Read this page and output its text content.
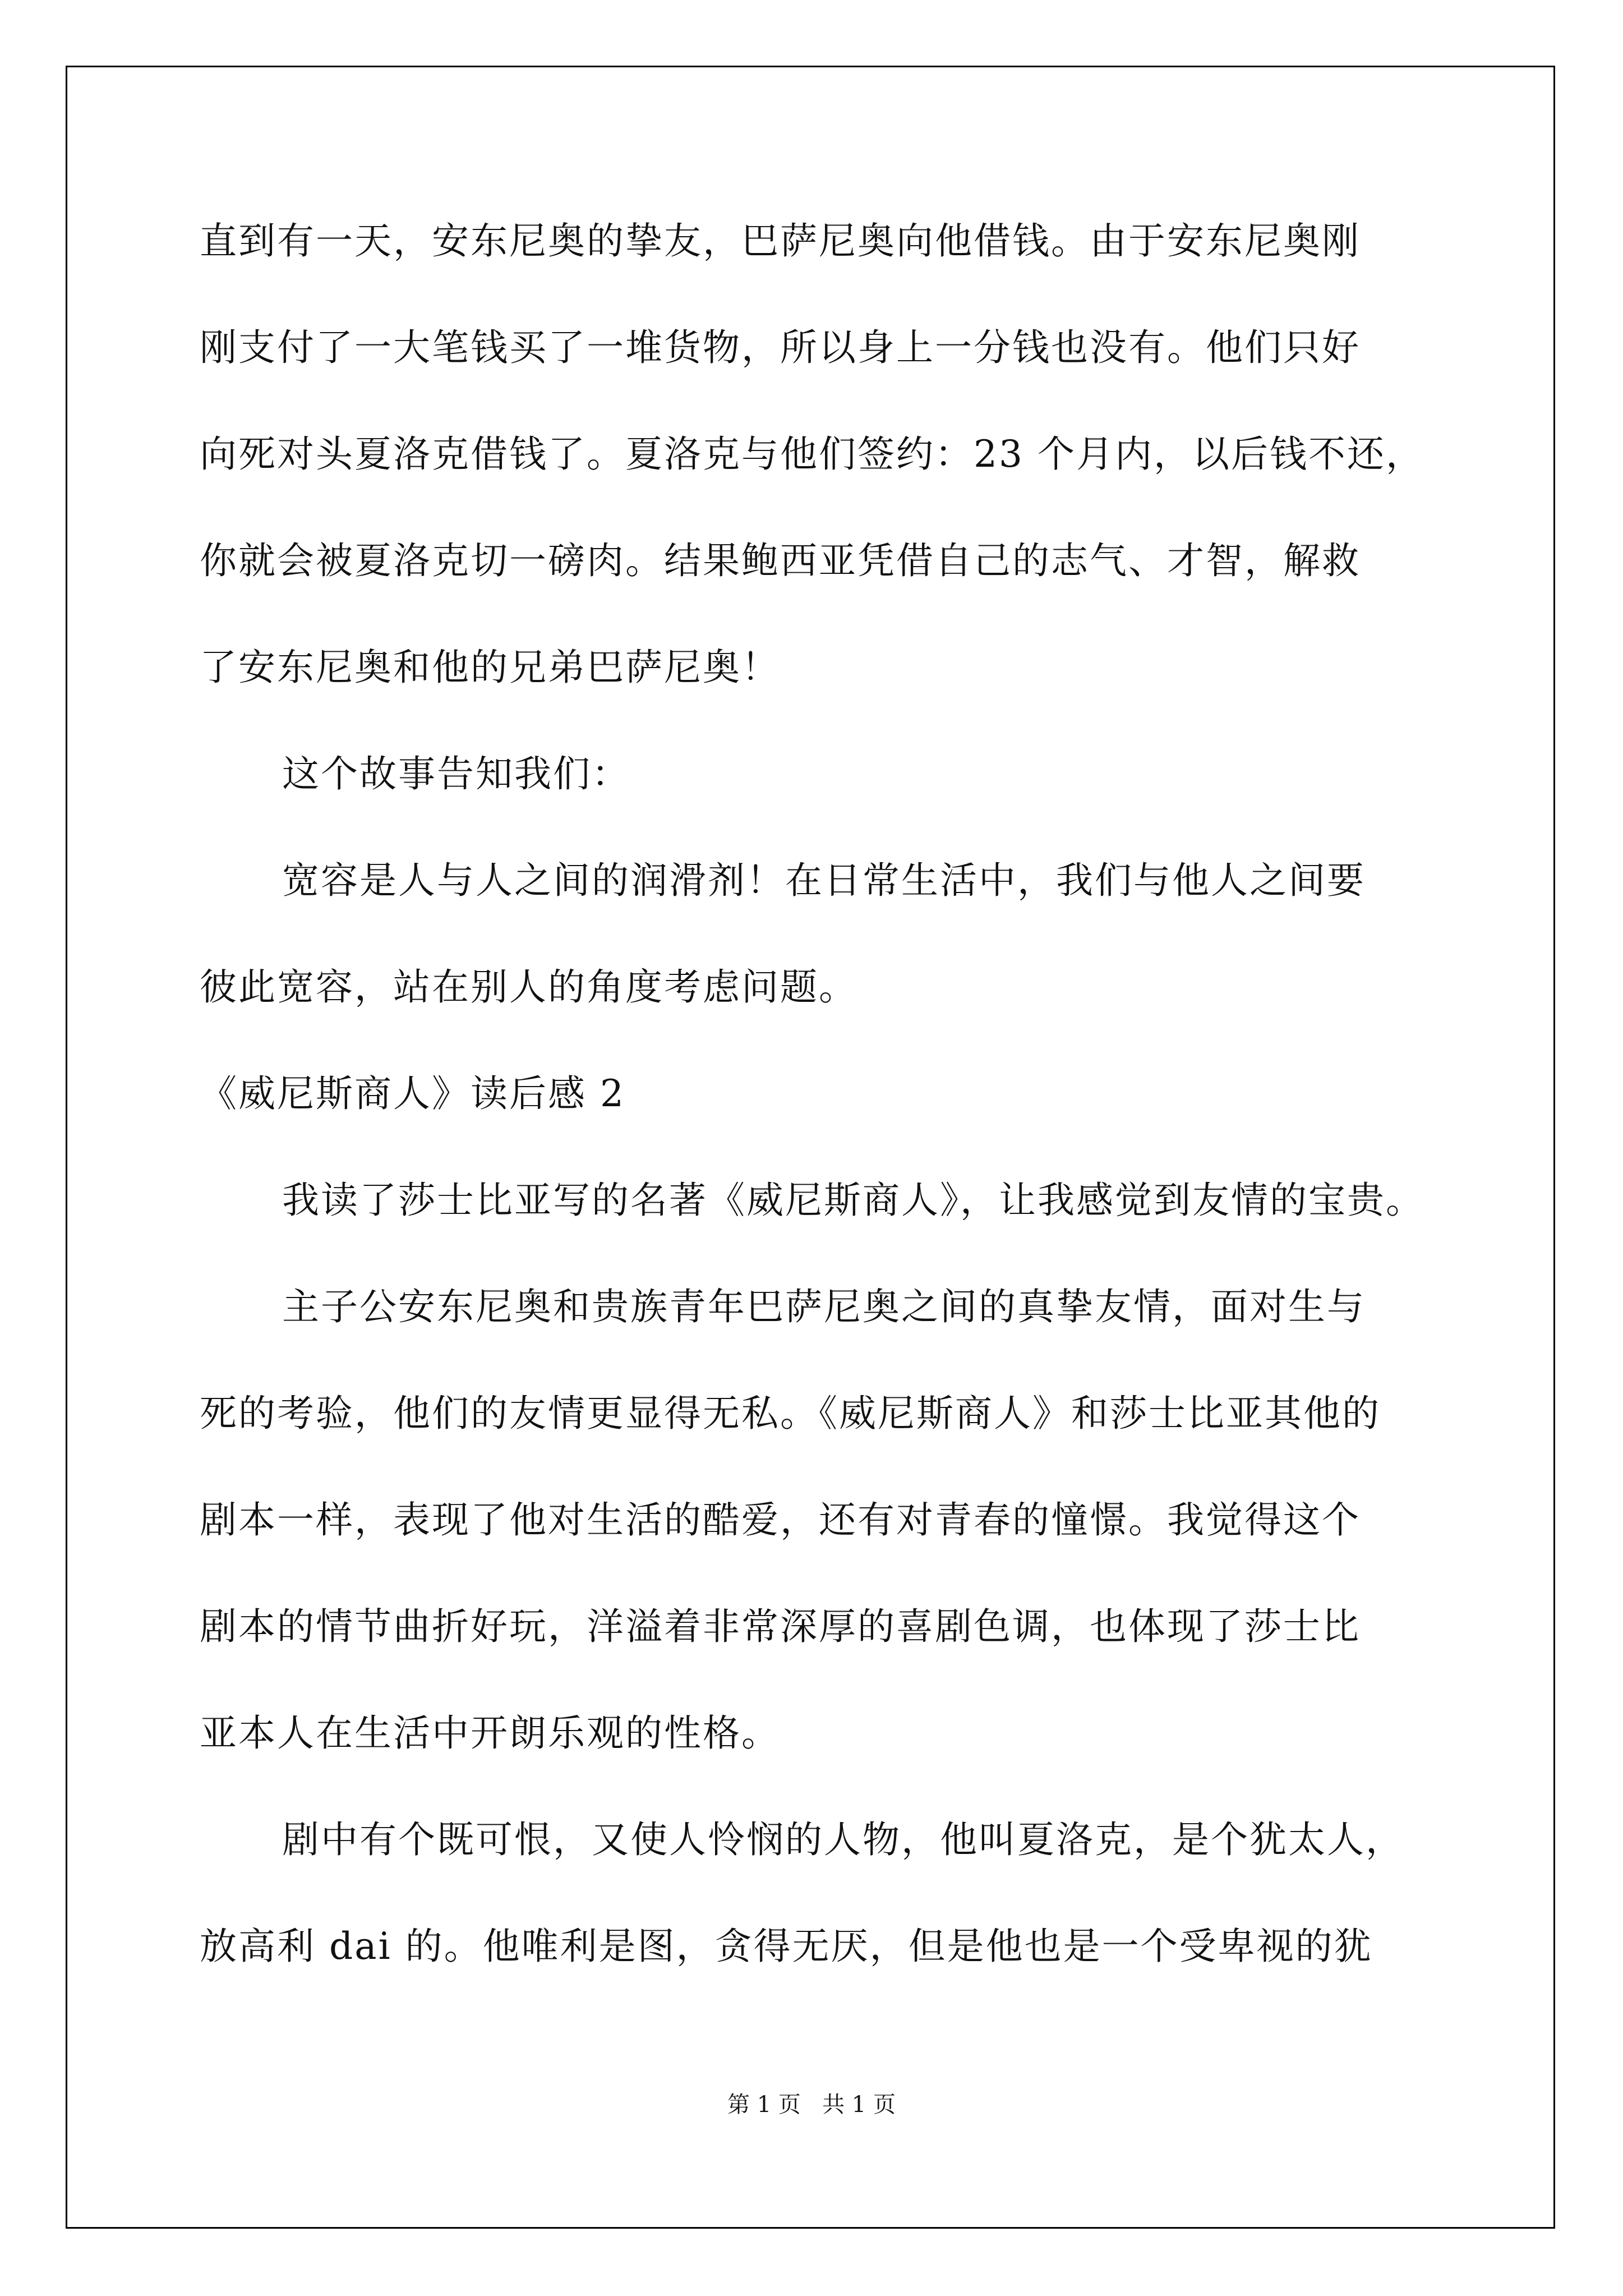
直到有一天，安东尼奥的挚友，巴萨尼奥向他借钱。由于安东尼奥刚
刚支付了一大笔钱买了一堆货物，所以身上一分钱也没有。他们只好
向死对头夏洛克借钱了。夏洛克与他们签约：23 个月内，以后钱不还，
你就会被夏洛克切一磅肉。结果鲍西亚凭借自己的志气、才智，解救
了安东尼奥和他的兄弟巴萨尼奥！
这个故事告知我们：
宽容是人与人之间的润滑剂！在日常生活中，我们与他人之间要
彼此宽容，站在别人的角度考虑问题。
《威尼斯商人》读后感 2
我读了莎士比亚写的名著《威尼斯商人》，让我感觉到友情的宝贵。
主子公安东尼奥和贵族青年巴萨尼奥之间的真挚友情，面对生与
死的考验，他们的友情更显得无私。《威尼斯商人》和莎士比亚其他的
剧本一样，表现了他对生活的酷爱，还有对青春的憧憬。我觉得这个
剧本的情节曲折好玩，洋溢着非常深厚的喜剧色调，也体现了莎士比
亚本人在生活中开朗乐观的性格。
剧中有个既可恨，又使人怜悯的人物，他叫夏洛克，是个犹太人，
放高利 dai 的。他唯利是图，贪得无厌，但是他也是一个受卑视的犹
第 1 页   共 1 页
